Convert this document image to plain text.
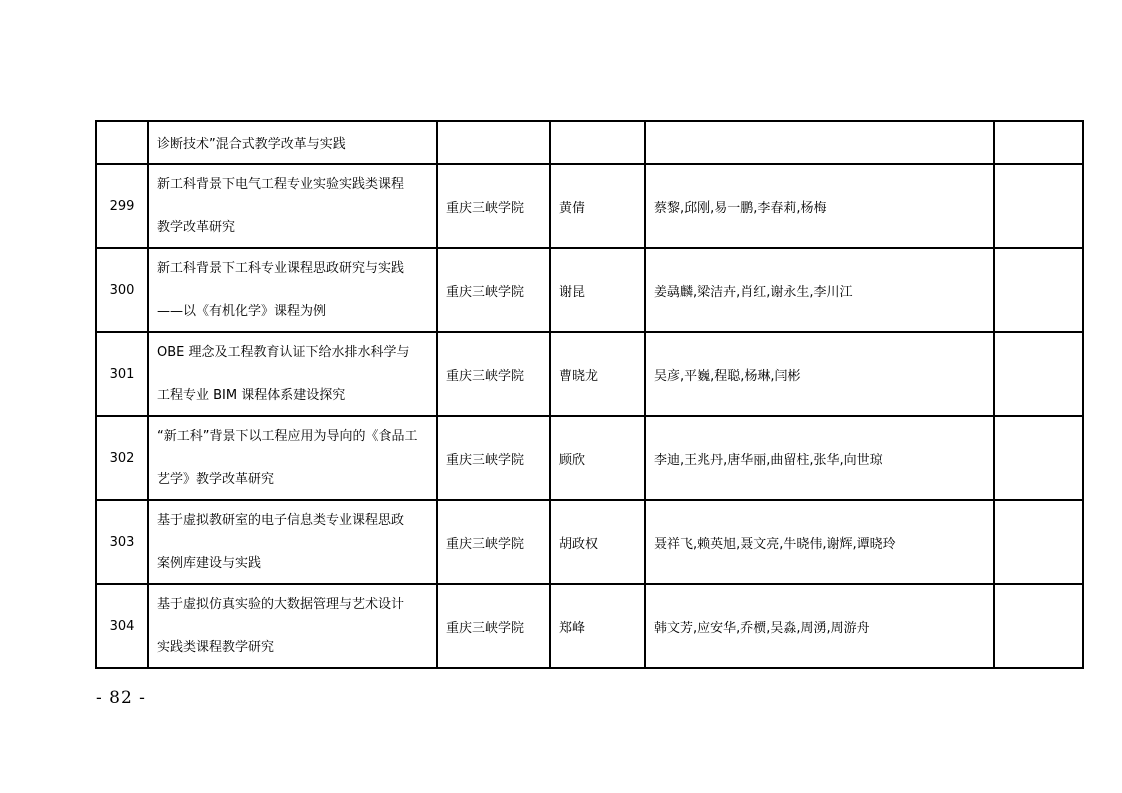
	诊断技术”混合式教学改革与实践				
299	新工科背景下电气工程专业实验实践类课程
教学改革研究	重庆三峡学院	黄倩	蔡黎,邱刚,易一鹏,李春莉,杨梅	
300	新工科背景下工科专业课程思政研究与实践
——以《有机化学》课程为例	重庆三峡学院	谢昆	姜骉麟,梁洁卉,肖红,谢永生,李川江	
301	OBE 理念及工程教育认证下给水排水科学与
工程专业 BIM 课程体系建设探究	重庆三峡学院	曹晓龙	吴彦,平巍,程聪,杨琳,闫彬	
302	“新工科”背景下以工程应用为导向的《食品工
艺学》教学改革研究	重庆三峡学院	顾欣	李迪,王兆丹,唐华丽,曲留柱,张华,向世琼	
303	基于虚拟教研室的电子信息类专业课程思政
案例库建设与实践	重庆三峡学院	胡政权	聂祥飞,赖英旭,聂文亮,牛晓伟,谢辉,谭晓玲	
304	基于虚拟仿真实验的大数据管理与艺术设计
实践类课程教学研究	重庆三峡学院	郑峰	韩文芳,应安华,乔槚,吴淼,周湧,周游舟	
- 82 -
